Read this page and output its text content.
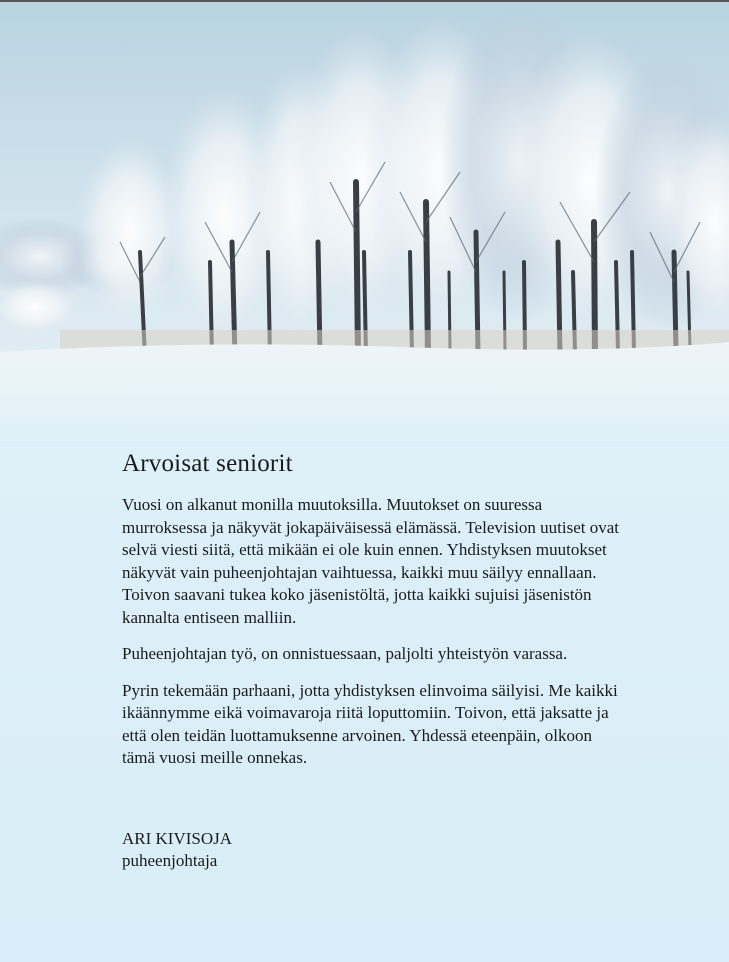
Arvoisat seniorit

Vuosi on alkanut monilla muutoksilla. Muutokset on suuressa murroksessa ja näkyvät jokapäiväisessä elämässä. Television uutiset ovat selvä viesti siitä, että mikään ei ole kuin ennen. Yhdistyksen muutokset näkyvät vain puheenjohtajan vaihtuessa, kaikki muu säilyy ennallaan. Toivon saavani tukea koko jäsenistöltä, jotta kaikki sujuisi jäsenistön kannalta entiseen malliin.

Puheenjohtajan työ, on onnistuessaan, paljolti yhteistyön varassa.

Pyrin tekemään parhaani, jotta yhdistyksen elinvoima säilyisi. Me kaikki ikäännymme eikä voimavaroja riitä loputtomiin. Toivon, että jaksatte ja että olen teidän luottamuksenne arvoinen. Yhdessä eteenpäin, olkoon tämä vuosi meille onnekas.

ARI KIVISOJA
puheenjohtaja
